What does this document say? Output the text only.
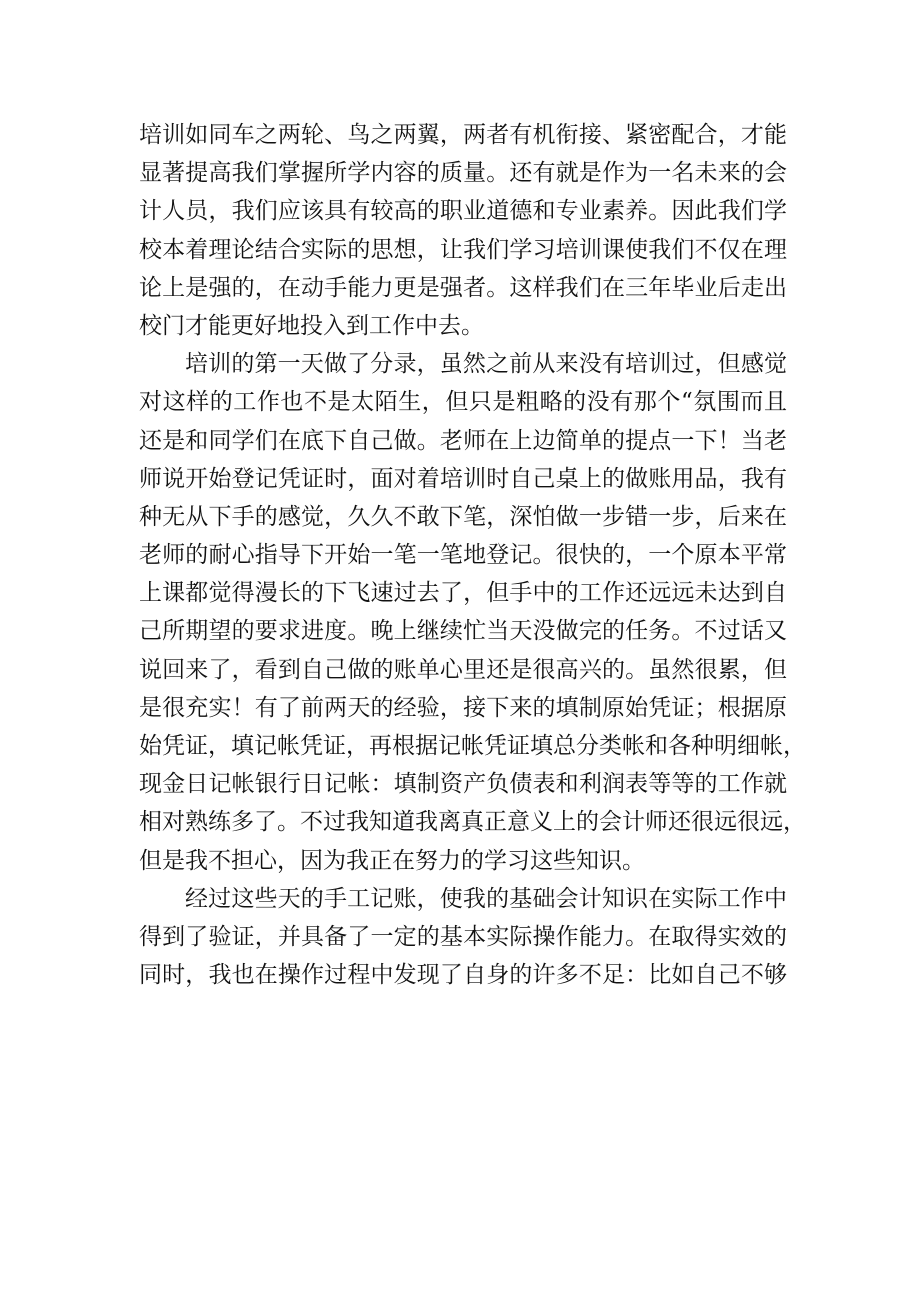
培训如同车之两轮、鸟之两翼，两者有机衔接、紧密配合，才能
显著提高我们掌握所学内容的质量。还有就是作为一名未来的会
计人员，我们应该具有较高的职业道德和专业素养。因此我们学
校本着理论结合实际的思想，让我们学习培训课使我们不仅在理
论上是强的，在动手能力更是强者。这样我们在三年毕业后走出
校门才能更好地投入到工作中去。
培训的第一天做了分录，虽然之前从来没有培训过，但感觉
对这样的工作也不是太陌生，但只是粗略的没有那个“氛围而且
还是和同学们在底下自己做。老师在上边简单的提点一下！当老
师说开始登记凭证时，面对着培训时自己桌上的做账用品，我有
种无从下手的感觉，久久不敢下笔，深怕做一步错一步，后来在
老师的耐心指导下开始一笔一笔地登记。很快的，一个原本平常
上课都觉得漫长的下飞速过去了，但手中的工作还远远未达到自
己所期望的要求进度。晚上继续忙当天没做完的任务。不过话又
说回来了，看到自己做的账单心里还是很高兴的。虽然很累，但
是很充实！有了前两天的经验，接下来的填制原始凭证；根据原
始凭证，填记帐凭证，再根据记帐凭证填总分类帐和各种明细帐，
现金日记帐银行日记帐：填制资产负债表和利润表等等的工作就
相对熟练多了。不过我知道我离真正意义上的会计师还很远很远，
但是我不担心，因为我正在努力的学习这些知识。
经过这些天的手工记账，使我的基础会计知识在实际工作中
得到了验证，并具备了一定的基本实际操作能力。在取得实效的
同时，我也在操作过程中发现了自身的许多不足：比如自己不够
